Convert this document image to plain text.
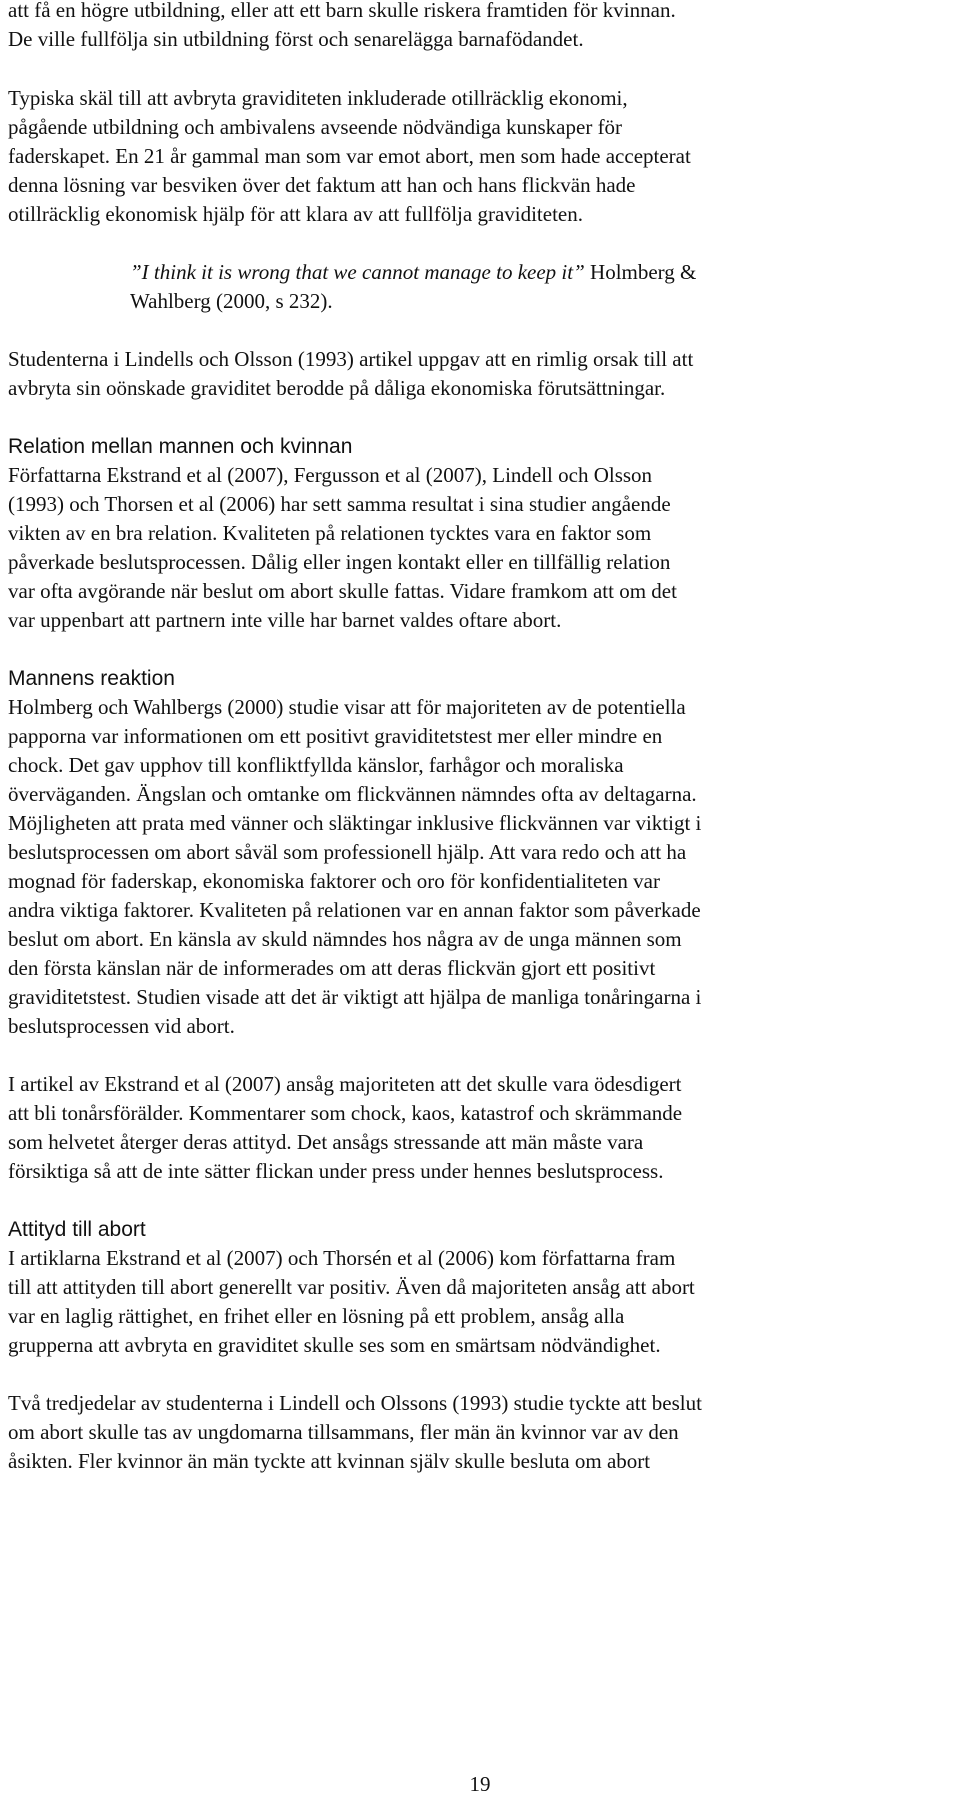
att få en högre utbildning, eller att ett barn skulle riskera framtiden för kvinnan.

De ville fullfölja sin utbildning först och senarelägga barnafödandet.

Typiska skäl till att avbryta graviditeten inkluderade otillräcklig ekonomi,

pågående utbildning och ambivalens avseende nödvändiga kunskaper för

faderskapet. En 21 år gammal man som var emot abort, men som hade accepterat

denna lösning var besviken över det faktum att han och hans flickvän hade

otillräcklig ekonomisk hjälp för att klara av att fullfölja graviditeten.

”I think it is wrong that we cannot manage to keep it” Holmberg &

Wahlberg (2000, s 232).

Studenterna i Lindells och Olsson (1993) artikel uppgav att en rimlig orsak till att

avbryta sin oönskade graviditet berodde på dåliga ekonomiska förutsättningar.

Relation mellan mannen och kvinnan

Författarna Ekstrand et al (2007), Fergusson et al (2007), Lindell och Olsson

(1993) och Thorsen et al (2006) har sett samma resultat i sina studier angående

vikten av en bra relation. Kvaliteten på relationen tycktes vara en faktor som

påverkade beslutsprocessen. Dålig eller ingen kontakt eller en tillfällig relation

var ofta avgörande när beslut om abort skulle fattas. Vidare framkom att om det

var uppenbart att partnern inte ville har barnet valdes oftare abort.

Mannens reaktion

Holmberg och Wahlbergs (2000) studie visar att för majoriteten av de potentiella

papporna var informationen om ett positivt graviditetstest mer eller mindre en

chock. Det gav upphov till konfliktfyllda känslor, farhågor och moraliska

överväganden. Ängslan och omtanke om flickvännen nämndes ofta av deltagarna.

Möjligheten att prata med vänner och släktingar inklusive flickvännen var viktigt i

beslutsprocessen om abort såväl som professionell hjälp. Att vara redo och att ha

mognad för faderskap, ekonomiska faktorer och oro för konfidentialiteten var

andra viktiga faktorer. Kvaliteten på relationen var en annan faktor som påverkade

beslut om abort. En känsla av skuld nämndes hos några av de unga männen som

den första känslan när de informerades om att deras flickvän gjort ett positivt

graviditetstest. Studien visade att det är viktigt att hjälpa de manliga tonåringarna i

beslutsprocessen vid abort.

I artikel av Ekstrand et al (2007) ansåg majoriteten att det skulle vara ödesdigert

att bli tonårsförälder. Kommentarer som chock, kaos, katastrof och skrämmande

som helvetet återger deras attityd. Det ansågs stressande att män måste vara

försiktiga så att de inte sätter flickan under press under hennes beslutsprocess.

Attityd till abort

I artiklarna Ekstrand et al (2007) och Thorsén et al (2006) kom författarna fram

till att attityden till abort generellt var positiv. Även då majoriteten ansåg att abort

var en laglig rättighet, en frihet eller en lösning på ett problem, ansåg alla

grupperna att avbryta en graviditet skulle ses som en smärtsam nödvändighet.

Två tredjedelar av studenterna i Lindell och Olssons (1993) studie tyckte att beslut

om abort skulle tas av ungdomarna tillsammans, fler män än kvinnor var av den

åsikten. Fler kvinnor än män tyckte att kvinnan själv skulle besluta om abort

19
